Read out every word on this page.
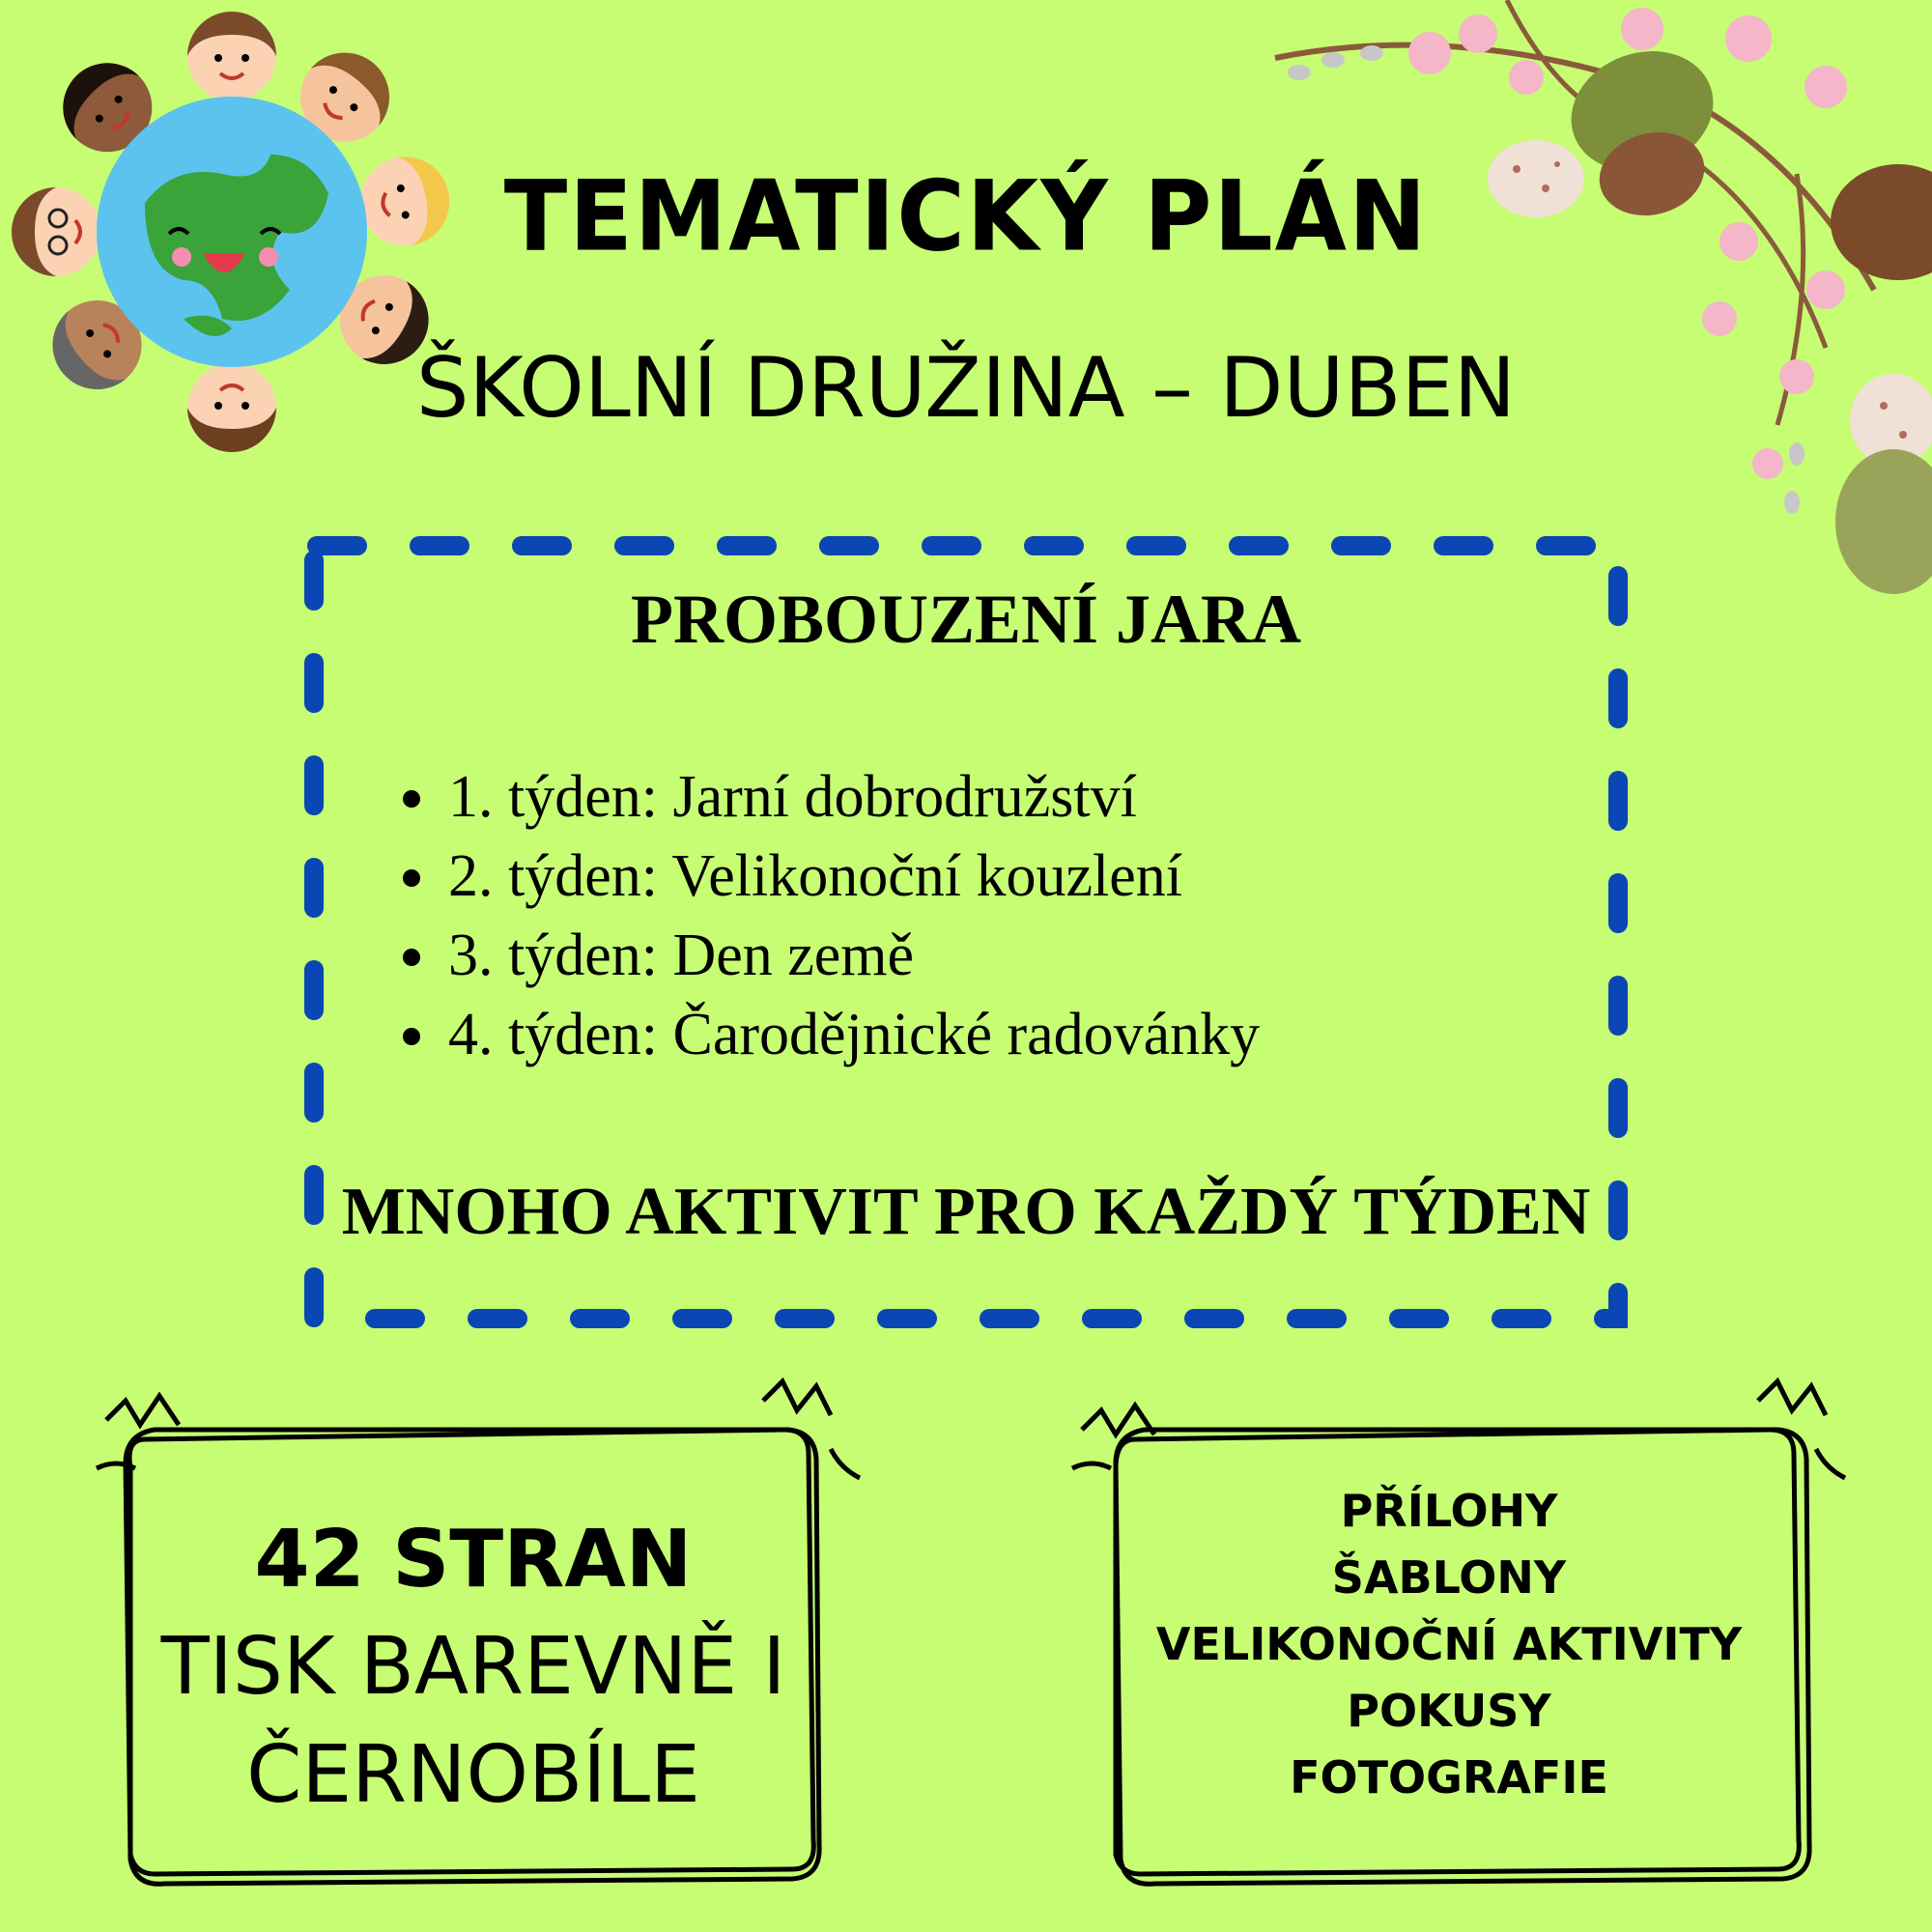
TEMATICKÝ PLÁN
ŠKOLNÍ DRUŽINA – DUBEN
PROBOUZENÍ JARA
• 1. týden: Jarní dobrodružství
• 2. týden: Velikonoční kouzlení
• 3. týden: Den země
• 4. týden: Čarodějnické radovánky
MNOHO AKTIVIT PRO KAŽDÝ TÝDEN
42 STRAN
TISK BAREVNĚ I
ČERNOBÍLE
PŘÍLOHY
ŠABLONY
VELIKONOČNÍ AKTIVITY
POKUSY
FOTOGRAFIE
